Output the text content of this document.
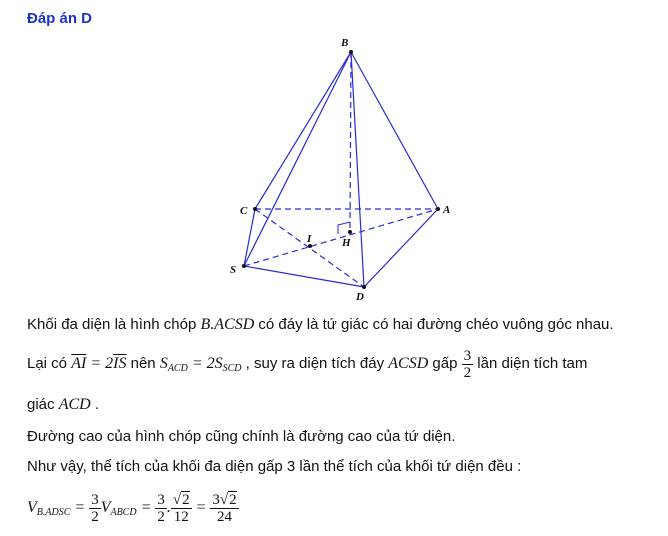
Đáp án D
B
C	A
I	H
S
D
Khối đa diện là hình chóp B.ACSD có đáy là tứ giác có hai đường chéo vuông góc nhau.
Lại có $\overline{AI} = 2\overline{IS}$ nên $S_{ACD} = 2S_{SCD}$ , suy ra diện tích đáy ACSD gấp $\frac{3}{2}$ lần diện tích tam
giác ACD .
Đường cao của hình chóp cũng chính là đường cao của tứ diện.
Như vậy, thể tích của khối đa diện gấp 3 lần thể tích của khối tứ diện đều :
$V_{B.ADSC} = \frac{3}{2} V_{ABCD} = \frac{3}{2}$ . $\frac{√2}{12} = \frac{3√2}{24}$
